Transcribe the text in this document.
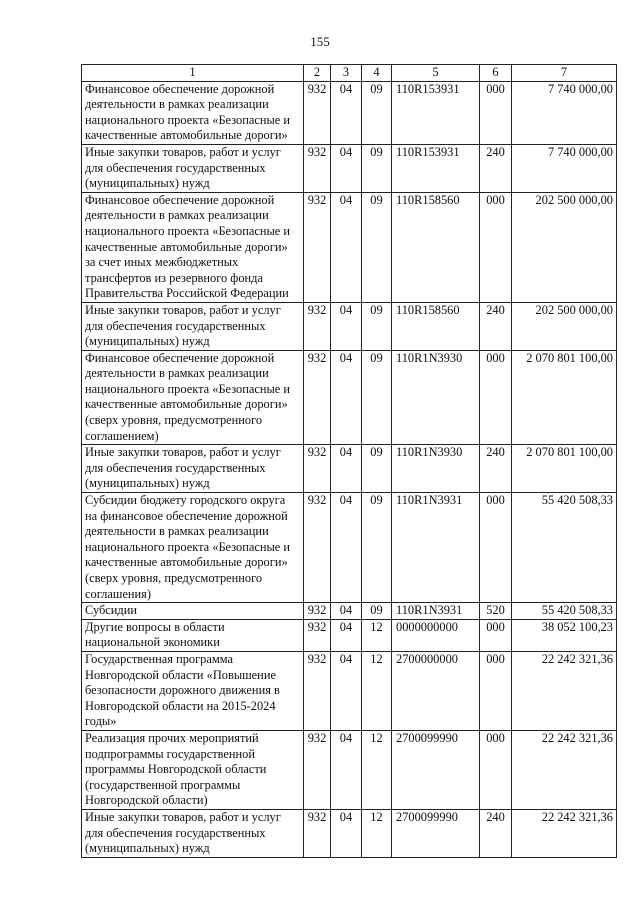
155
1	2	3	4	5	6	7
Финансовое обеспечение дорожной деятельности в рамках реализации национального проекта «Безопасные и качественные автомобильные дороги»	932	04	09	110R153931	000	7 740 000,00
Иные закупки товаров, работ и услуг для обеспечения государственных (муниципальных) нужд	932	04	09	110R153931	240	7 740 000,00
Финансовое обеспечение дорожной деятельности в рамках реализации национального проекта «Безопасные и качественные автомобильные дороги» за счет иных межбюджетных трансфертов из резервного фонда Правительства Российской Федерации	932	04	09	110R158560	000	202 500 000,00
Иные закупки товаров, работ и услуг для обеспечения государственных (муниципальных) нужд	932	04	09	110R158560	240	202 500 000,00
Финансовое обеспечение дорожной деятельности в рамках реализации национального проекта «Безопасные и качественные автомобильные дороги» (сверх уровня, предусмотренного соглашением)	932	04	09	110R1N3930	000	2 070 801 100,00
Иные закупки товаров, работ и услуг для обеспечения государственных (муниципальных) нужд	932	04	09	110R1N3930	240	2 070 801 100,00
Субсидии бюджету городского округа на финансовое обеспечение дорожной деятельности в рамках реализации национального проекта «Безопасные и качественные автомобильные дороги» (сверх уровня, предусмотренного соглашения)	932	04	09	110R1N3931	000	55 420 508,33
Субсидии	932	04	09	110R1N3931	520	55 420 508,33
Другие вопросы в области национальной экономики	932	04	12	0000000000	000	38 052 100,23
Государственная программа Новгородской области «Повышение безопасности дорожного движения в Новгородской области на 2015-2024 годы»	932	04	12	2700000000	000	22 242 321,36
Реализация прочих мероприятий подпрограммы государственной программы Новгородской области (государственной программы Новгородской области)	932	04	12	2700099990	000	22 242 321,36
Иные закупки товаров, работ и услуг для обеспечения государственных (муниципальных) нужд	932	04	12	2700099990	240	22 242 321,36
